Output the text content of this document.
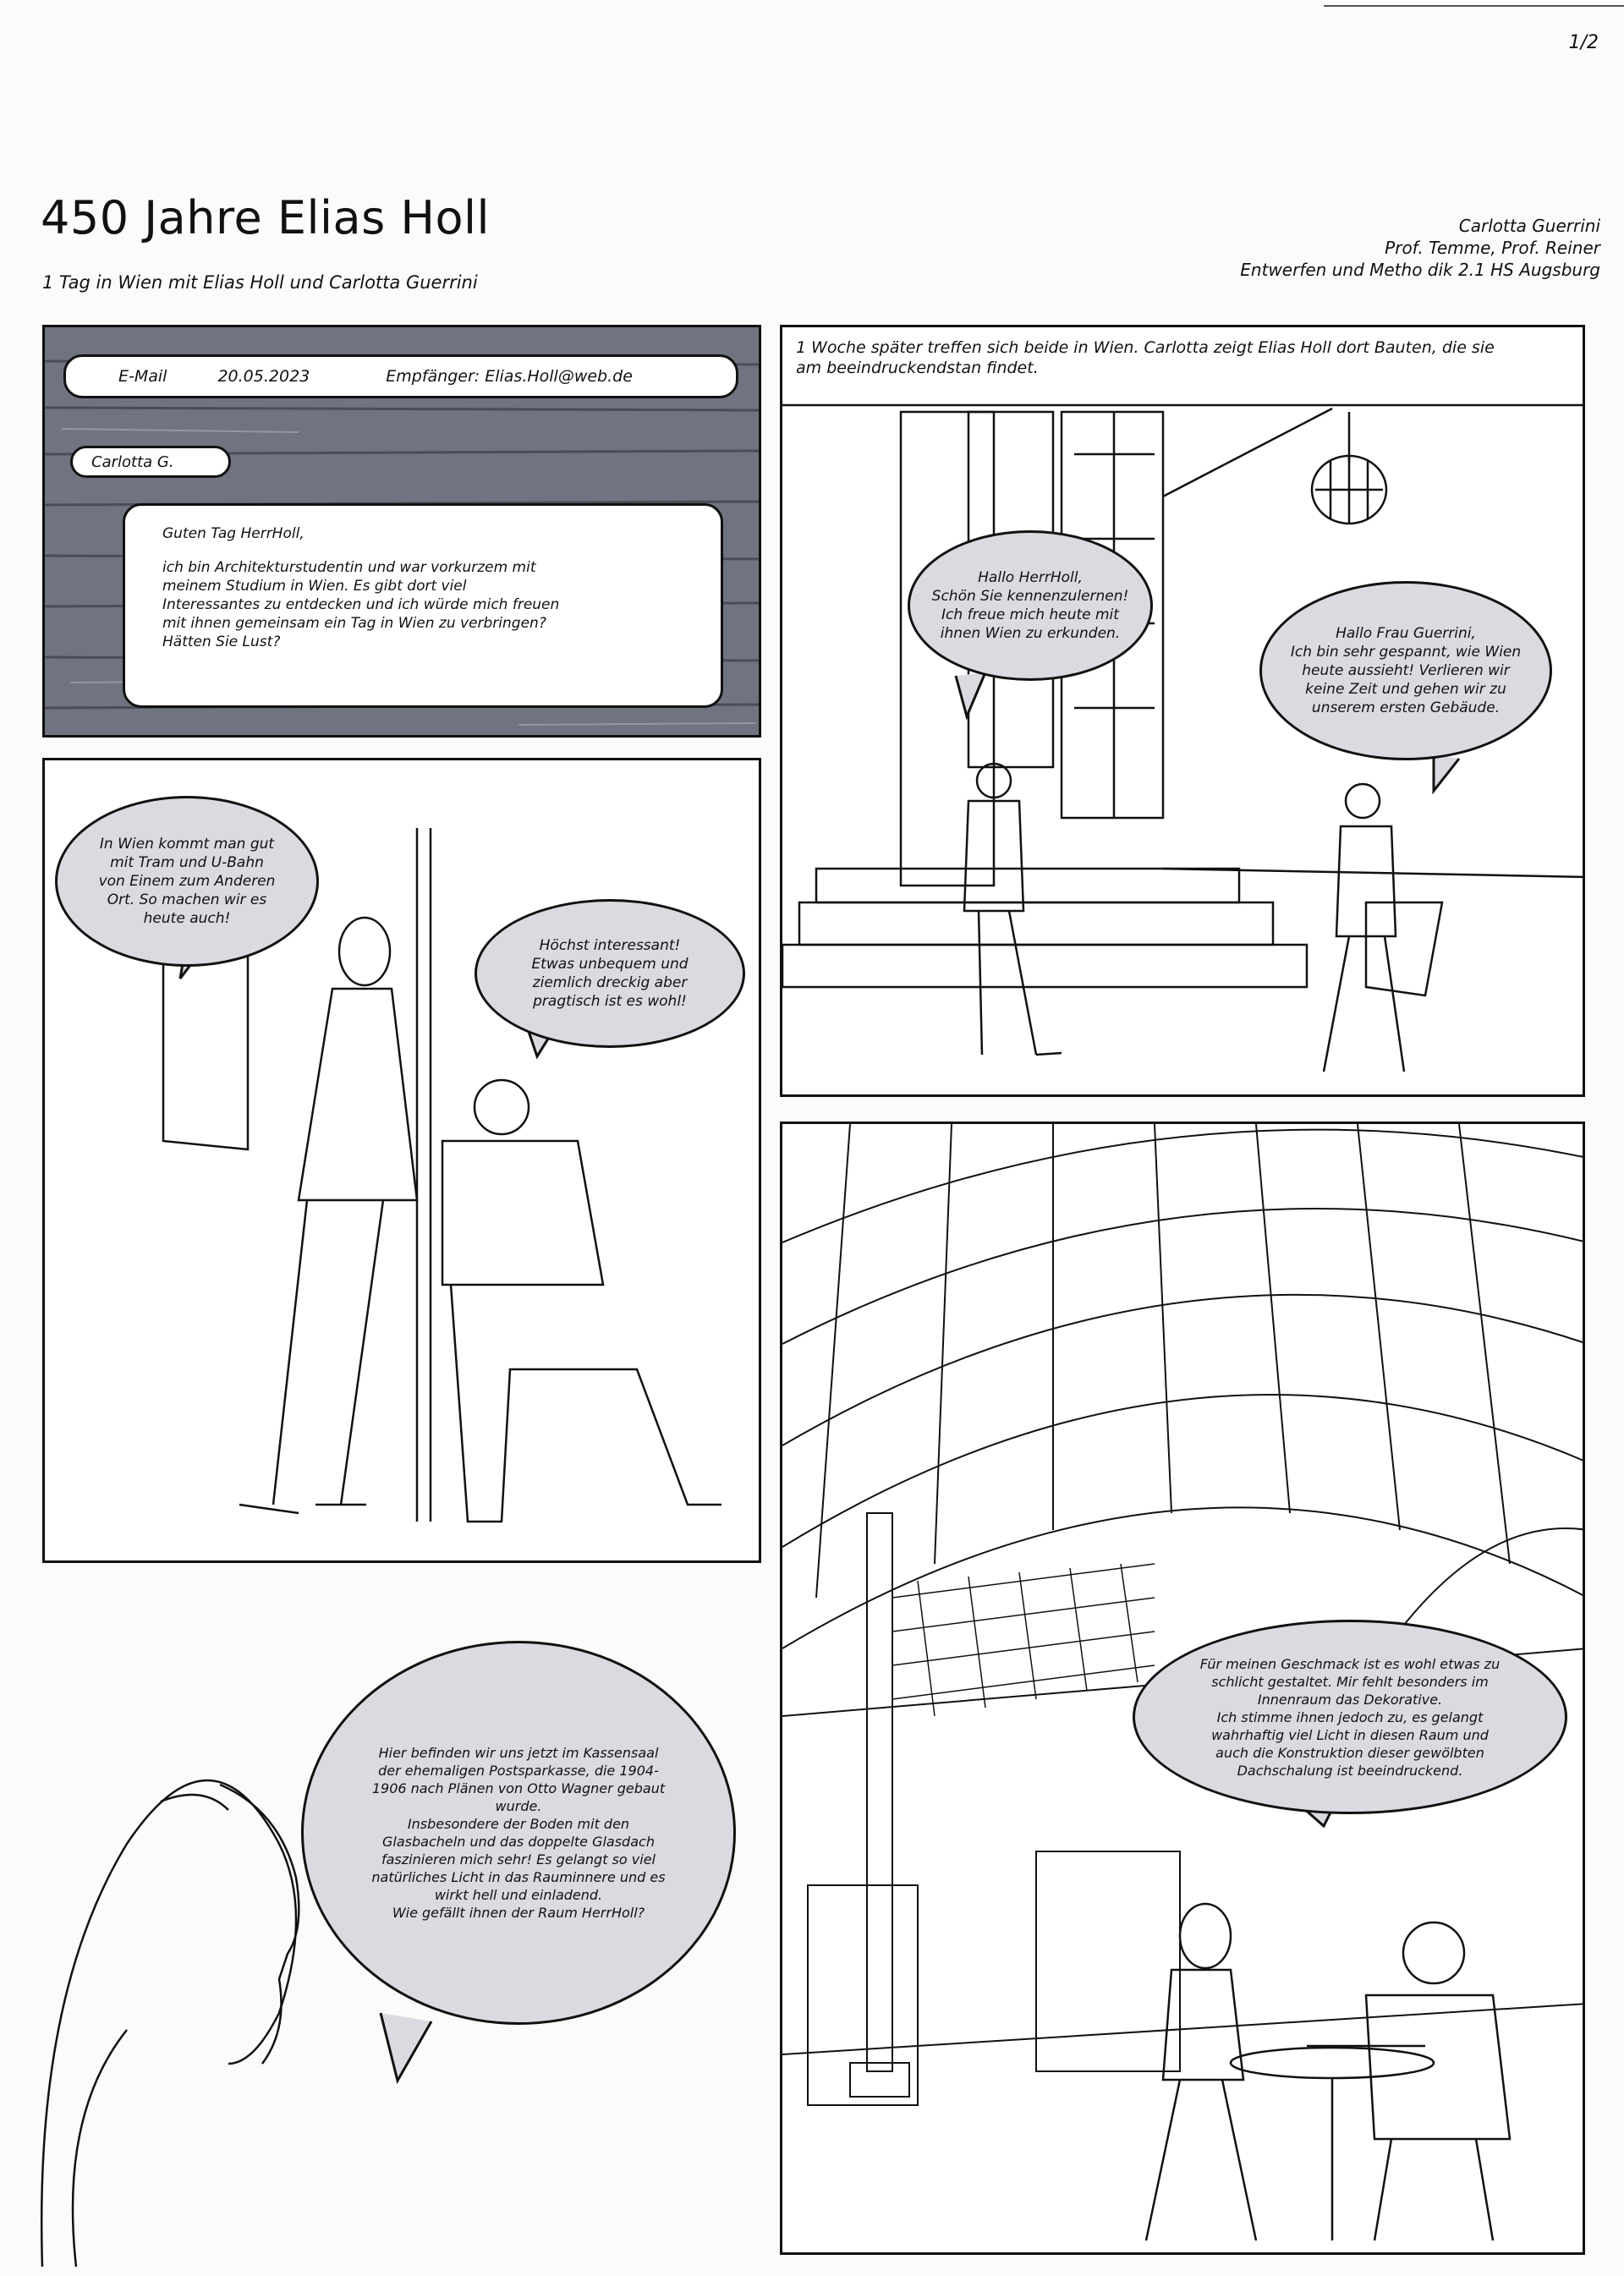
1/2
450 Jahre Elias Holl
1 Tag in Wien mit Elias Holl und Carlotta Guerrini
Carlotta Guerrini
Prof. Temme, Prof. Reiner
Entwerfen und Metho dik 2.1 HS Augsburg
E-Mail	20.05.2023	Empfänger: Elias.Holl@web.de
Carlotta G.
Guten Tag HerrHoll,
ich bin Architekturstudentin und war vorkurzem mit
meinem Studium in Wien. Es gibt dort viel
Interessantes zu entdecken und ich würde mich freuen
mit ihnen gemeinsam ein Tag in Wien zu verbringen?
Hätten Sie Lust?
1 Woche später treffen sich beide in Wien. Carlotta zeigt Elias Holl dort Bauten, die sie
am beeindruckendstan findet.
Hallo HerrHoll,
Schön Sie kennenzulernen!
Ich freue mich heute mit
ihnen Wien zu erkunden.	Hallo Frau Guerrini,
Ich bin sehr gespannt, wie Wien
heute aussieht! Verlieren wir
keine Zeit und gehen wir zu
unserem ersten Gebäude.
In Wien kommt man gut
mit Tram und U-Bahn
von Einem zum Anderen
Ort. So machen wir es
heute auch!
Höchst interessant!
Etwas unbequem und
ziemlich dreckig aber
pragtisch ist es wohl!
Für meinen Geschmack ist es wohl etwas zu
schlicht gestaltet. Mir fehlt besonders im
Innenraum das Dekorative.
Ich stimme ihnen jedoch zu, es gelangt
wahrhaftig viel Licht in diesen Raum und
auch die Konstruktion dieser gewölbten
Dachschalung ist beeindruckend.
Hier befinden wir uns jetzt im Kassensaal
der ehemaligen Postsparkasse, die 1904-
1906 nach Plänen von Otto Wagner gebaut
wurde.
Insbesondere der Boden mit den
Glasbacheln und das doppelte Glasdach
faszinieren mich sehr! Es gelangt so viel
natürliches Licht in das Rauminnere und es
wirkt hell und einladend.
Wie gefällt ihnen der Raum HerrHoll?
